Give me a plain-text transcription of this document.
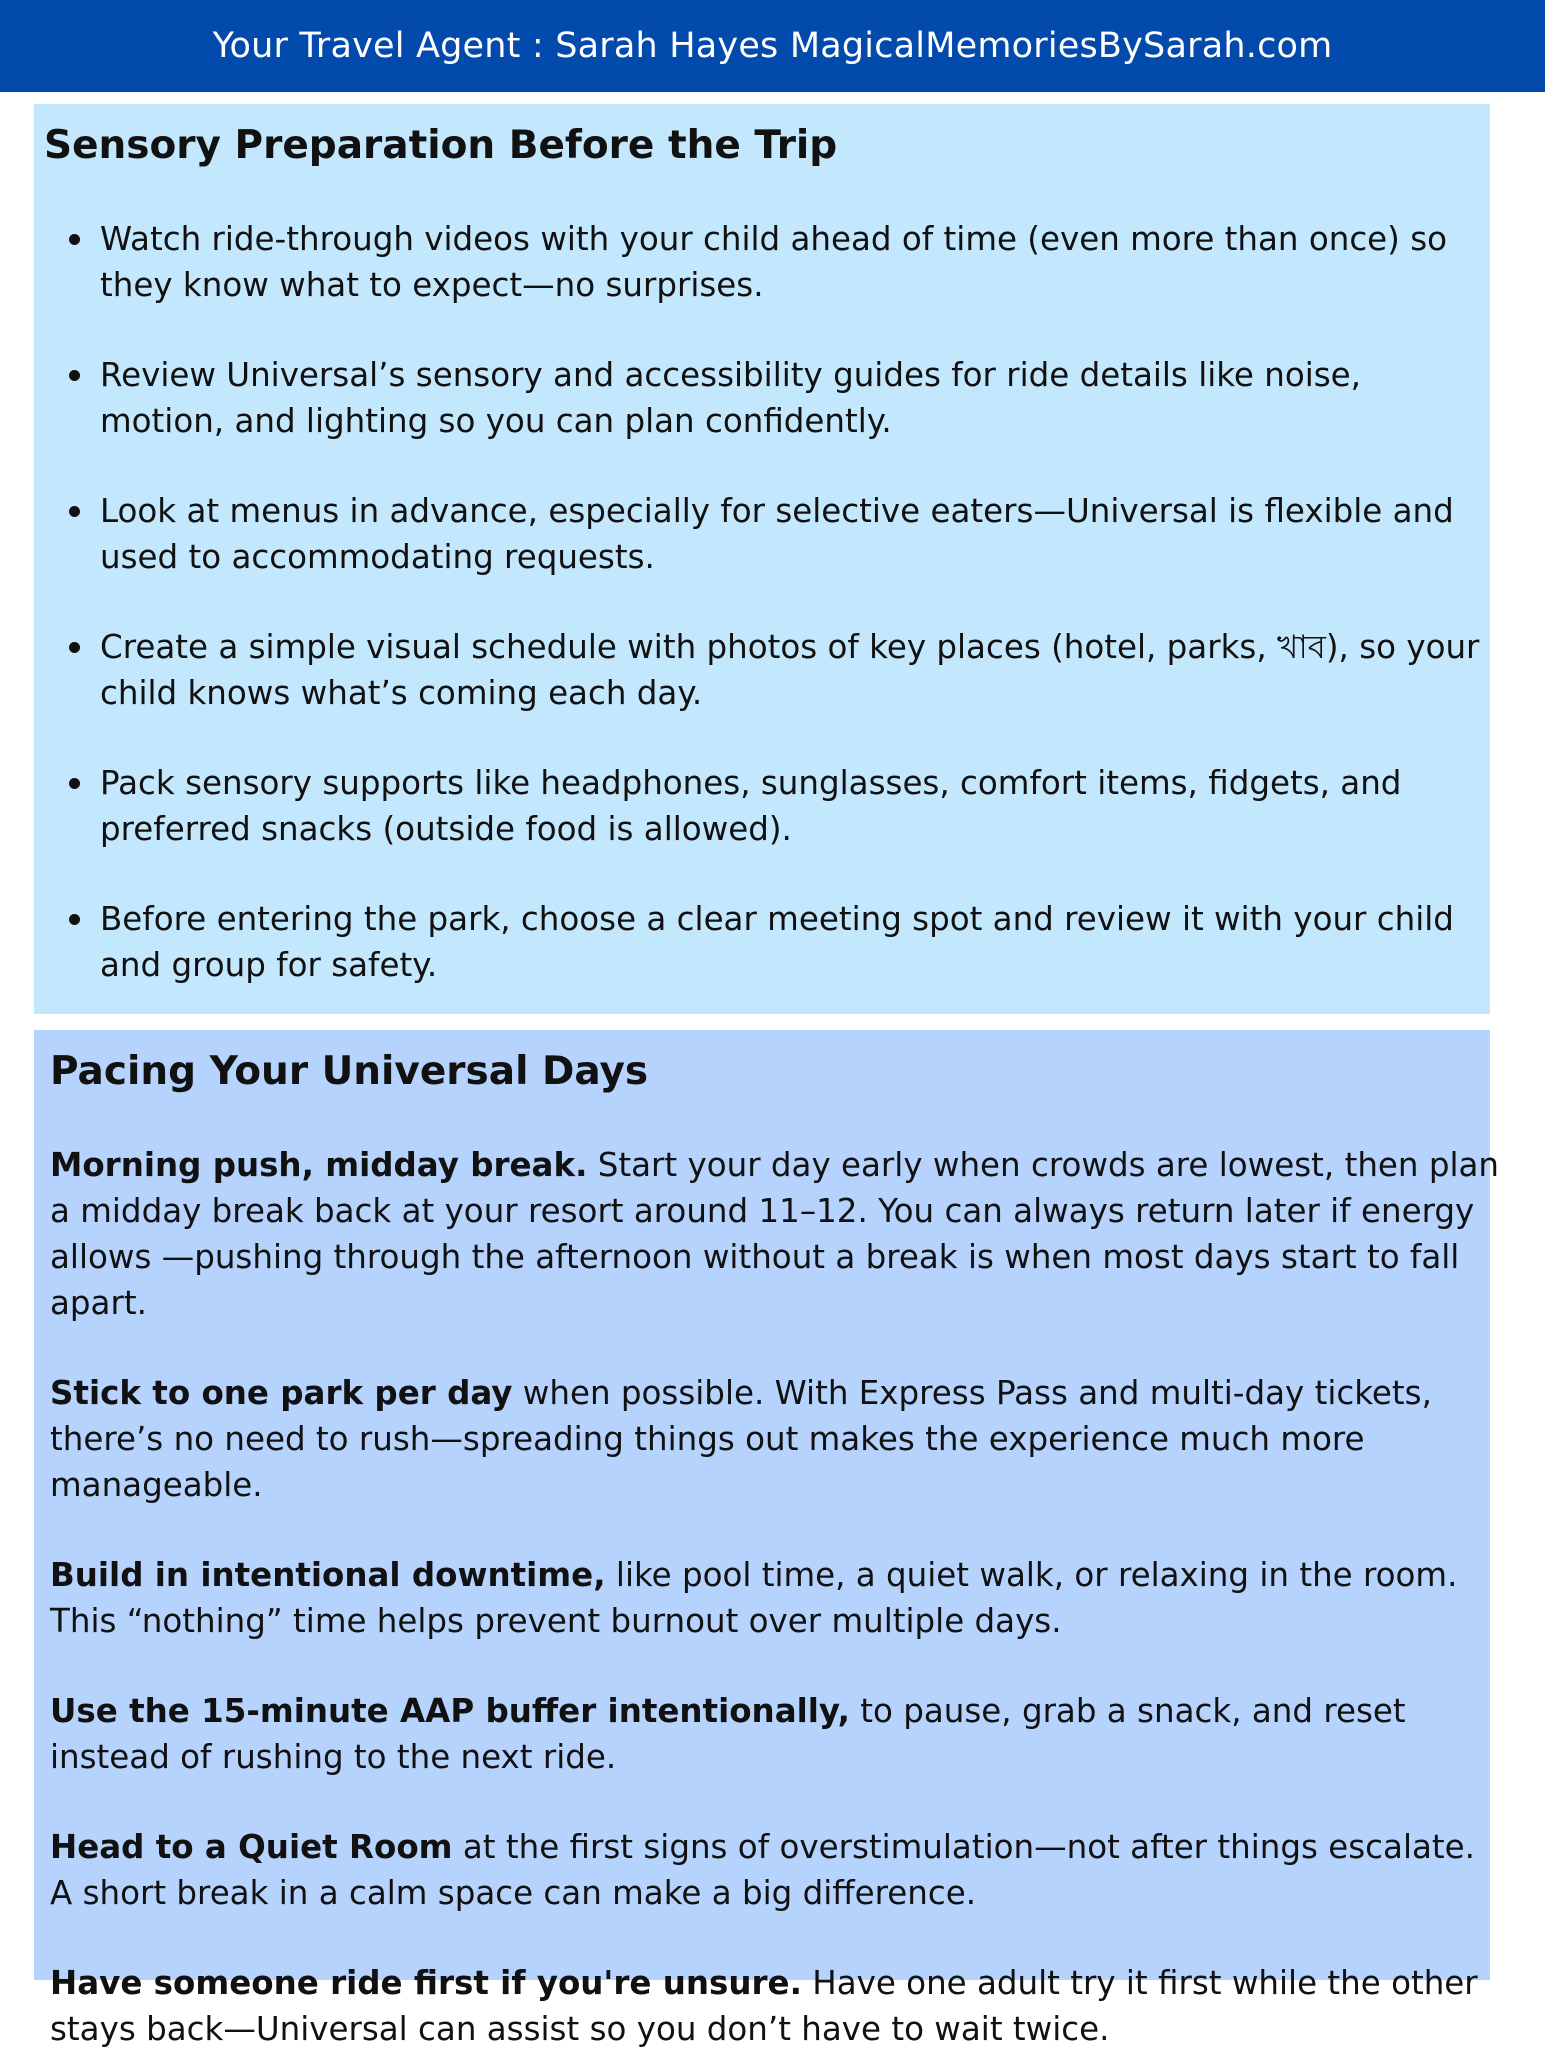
Your Travel Agent : Sarah Hayes MagicalMemoriesBySarah.com
Sensory Preparation Before the Trip
Watch ride-through videos with your child ahead of time (even more than once) so they know what to expect—no surprises.
Review Universal’s sensory and accessibility guides for ride details like noise, motion, and lighting so you can plan confidently.
Look at menus in advance, especially for selective eaters—Universal is flexible and used to accommodating requests.
Create a simple visual schedule with photos of key places (hotel, parks, খাব), so your child knows what’s coming each day.
Pack sensory supports like headphones, sunglasses, comfort items, fidgets, and preferred snacks (outside food is allowed).
Before entering the park, choose a clear meeting spot and review it with your child and group for safety.
Pacing Your Universal Days

Morning push, midday break. Start your day early when crowds are lowest, then plan a midday break back at your resort around 11–12. You can always return later if energy allows —pushing through the afternoon without a break is when most days start to fall apart.

Stick to one park per day when possible. With Express Pass and multi-day tickets, there’s no need to rush—spreading things out makes the experience much more manageable.

Build in intentional downtime, like pool time, a quiet walk, or relaxing in the room. This “nothing” time helps prevent burnout over multiple days.

Use the 15-minute AAP buffer intentionally, to pause, grab a snack, and reset instead of rushing to the next ride.

Head to a Quiet Room at the first signs of overstimulation—not after things escalate. A short break in a calm space can make a big difference.

Have someone ride first if you're unsure. Have one adult try it first while the other stays back—Universal can assist so you don’t have to wait twice.
